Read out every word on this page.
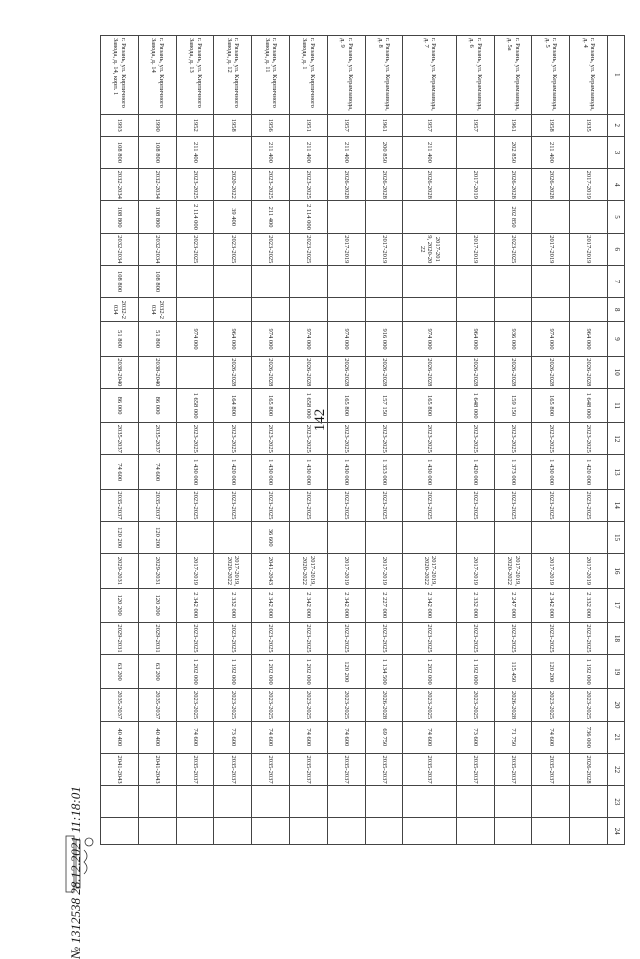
142
1	2	3	4	5	6	7	8	9	10	11	12	13	14	15	16	17	18	19	20	21	22	23	24
г. Рязань, ул. Керамзавода, д. 4	1935		2017-2019		2017-2019			964 000	2026-2028	1 648 000	2023-2025	1 420 000	2023-2025		2017-2019	2 332 000	2023-2025	1 192 000	2023-2025	736 000	2026-2028		
г. Рязань, ул. Керамзавода, д. 5	1958	211 400	2026-2028		2017-2019			974 000	2026-2028	165 800	2023-2025	1 430 000	2023-2025		2017-2019	2 342 000	2023-2025	120 200	2023-2025	74 600	2035-2037		
г. Рязань, ул. Керамзавода, д. 5а	1961	202 850	2026-2028	202 850	2023-2025			936 000	2026-2028	159 150	2023-2025	1 373 000	2023-2025		2017-2019, 2020-2022	2 247 000	2023-2025	115 450	2026-2028	71 750	2035-2037		
г. Рязань, ул. Керамзавода, д. 6	1957		2017-2019		2017-2019			964 000	2026-2028	1 648 000	2023-2025	1 420 000	2023-2025		2017-2019	2 332 000	2023-2025	1 192 000	2023-2025	73 600	2035-2037		
г. Рязань, ул. Керамзавода, д. 7	1957	211 400	2026-2028		2017-2019, 2020-2022			974 000	2026-2028	165 800	2023-2025	1 430 000	2023-2025		2017-2019, 2020-2022	2 342 000	2023-2025	1 202 000	2023-2025	74 600	2035-2037		
г. Рязань, ул. Керамзавода, д. 8	1961	200 850	2026-2028		2017-2019			916 000	2026-2028	157 150	2023-2025	1 353 000	2023-2025		2017-2019	2 227 000	2023-2025	1 134 500	2026-2028	69 750	2035-2037		
г. Рязань, ул. Керамзавода, д. 9	1957	211 400	2026-2028		2017-2019			974 000	2026-2028	165 800	2023-2025	1 430 000	2023-2025		2017-2019	2 342 000	2023-2025	120 200	2023-2025	74 600	2035-2037		
г. Рязань, ул. Кирпичного Завода, д. 1	1951	211 400	2023-2025	2 114 000	2023-2025			974 000	2026-2028	1 658 000	2023-2025	1 430 000	2023-2025		2017-2019, 2020-2022	2 342 000	2023-2025	1 202 000	2023-2025	74 600	2035-2037		
г. Рязань, ул. Кирпичного Завода, д. 11	1956	211 400	2023-2025	211 400	2023-2025			974 000	2026-2028	165 800	2023-2025	1 430 000	2023-2025	36 600	2041-2043	2 342 000	2023-2025	1 202 000	2023-2025	74 600	2035-2037		
г. Рязань, ул. Кирпичного Завода, д. 12	1958		2020-2022	39 400	2023-2025			964 000	2026-2028	164 800	2023-2025	1 420 000	2023-2025		2017-2019, 2020-2022	2 332 000	2023-2025	1 192 000	2023-2025	73 600	2035-2037		
г. Рязань, ул. Кирпичного Завода, д. 13	1952	211 400	2023-2025	2 114 000	2023-2025			974 000		1 658 000	2023-2025	1 430 000	2023-2025		2017-2019	2 342 000	2023-2025	1 202 000	2023-2025	74 600	2035-2037		
г. Рязань, ул. Кирпичного Завода, д. 14	1990	108 800	2032-2034	108 800	2032-2034	108 800	2032-2034	51 800	2038-2040	86 000	2035-2037	74 600	2035-2037	120 200	2029-2031	120 200	2029-2031	63 200	2035-2037	40 400	2041-2043		
г. Рязань, ул. Кирпичного Завода, д. 14, корп. 1	1993	108 800	2032-2034	108 800	2032-2034	108 800	2032-2034	51 800	2038-2040	86 000	2035-2037	74 600	2035-2037	120 200	2029-2031	120 200	2029-2031	63 200	2035-2037	40 400	2041-2043		
№ 1312538 28.12.2021 11:18:01
